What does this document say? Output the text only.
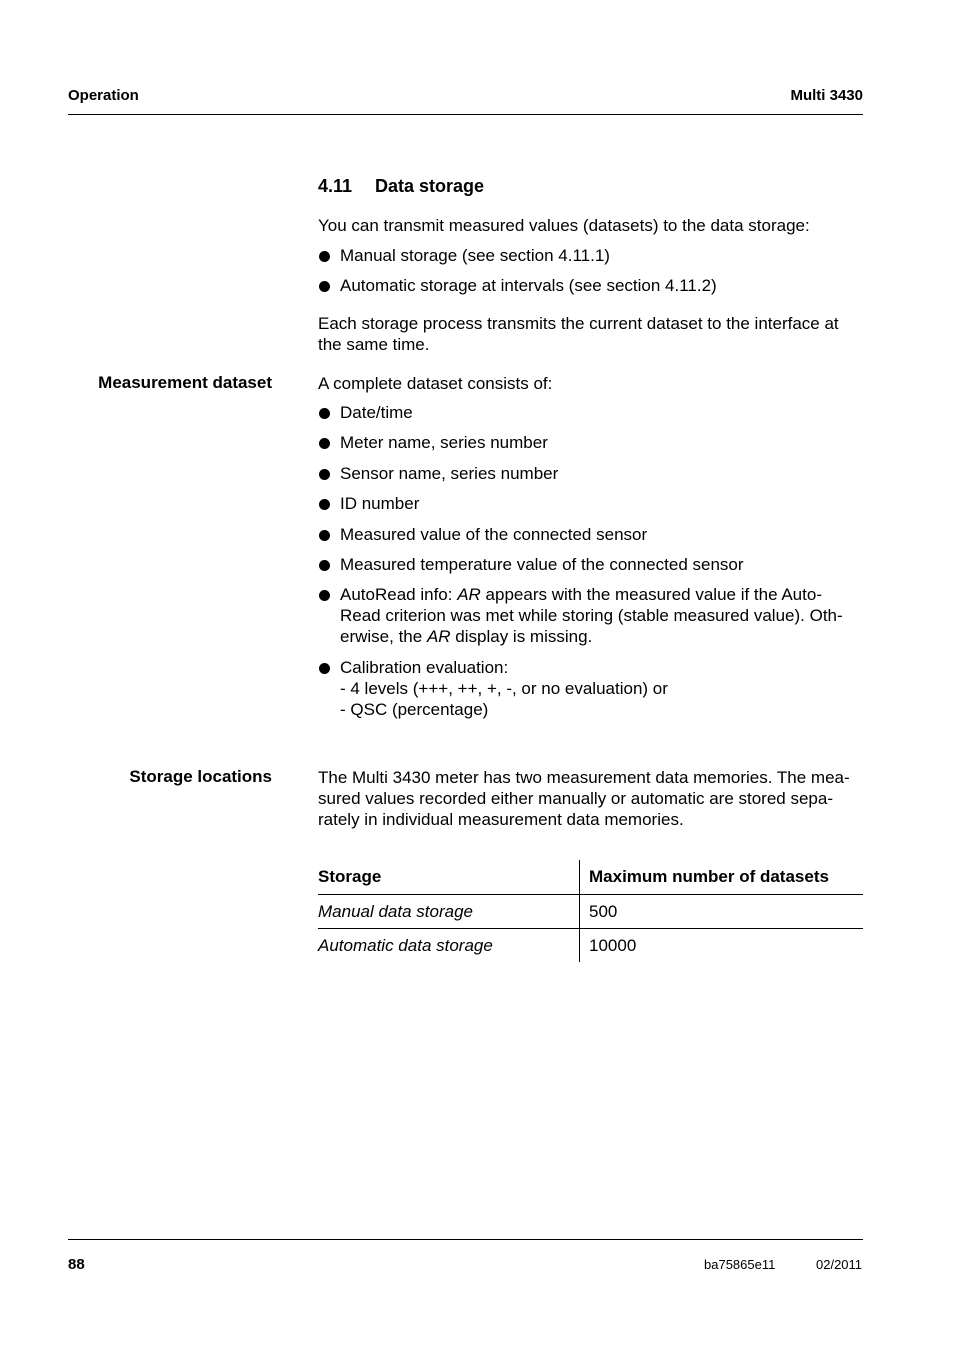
Operation	Multi 3430
4.11 Data storage
You can transmit measured values (datasets) to the data storage:
Manual storage (see section 4.11.1)
Automatic storage at intervals (see section 4.11.2)
Each storage process transmits the current dataset to the interface at
the same time.
Measurement dataset	A complete dataset consists of:
Date/time
Meter name, series number
Sensor name, series number
ID number
Measured value of the connected sensor
Measured temperature value of the connected sensor
AutoRead info: AR appears with the measured value if the Auto-
Read criterion was met while storing (stable measured value). Oth-
erwise, the AR display is missing.
Calibration evaluation:
- 4 levels (+++, ++, +, -, or no evaluation) or
- QSC (percentage)
Storage locations	The Multi 3430 meter has two measurement data memories. The mea-
sured values recorded either manually or automatic are stored sepa-
rately in individual measurement data memories.
Storage	Maximum number of datasets
Manual data storage	500
Automatic data storage	10000
88	ba75865e11	02/2011
